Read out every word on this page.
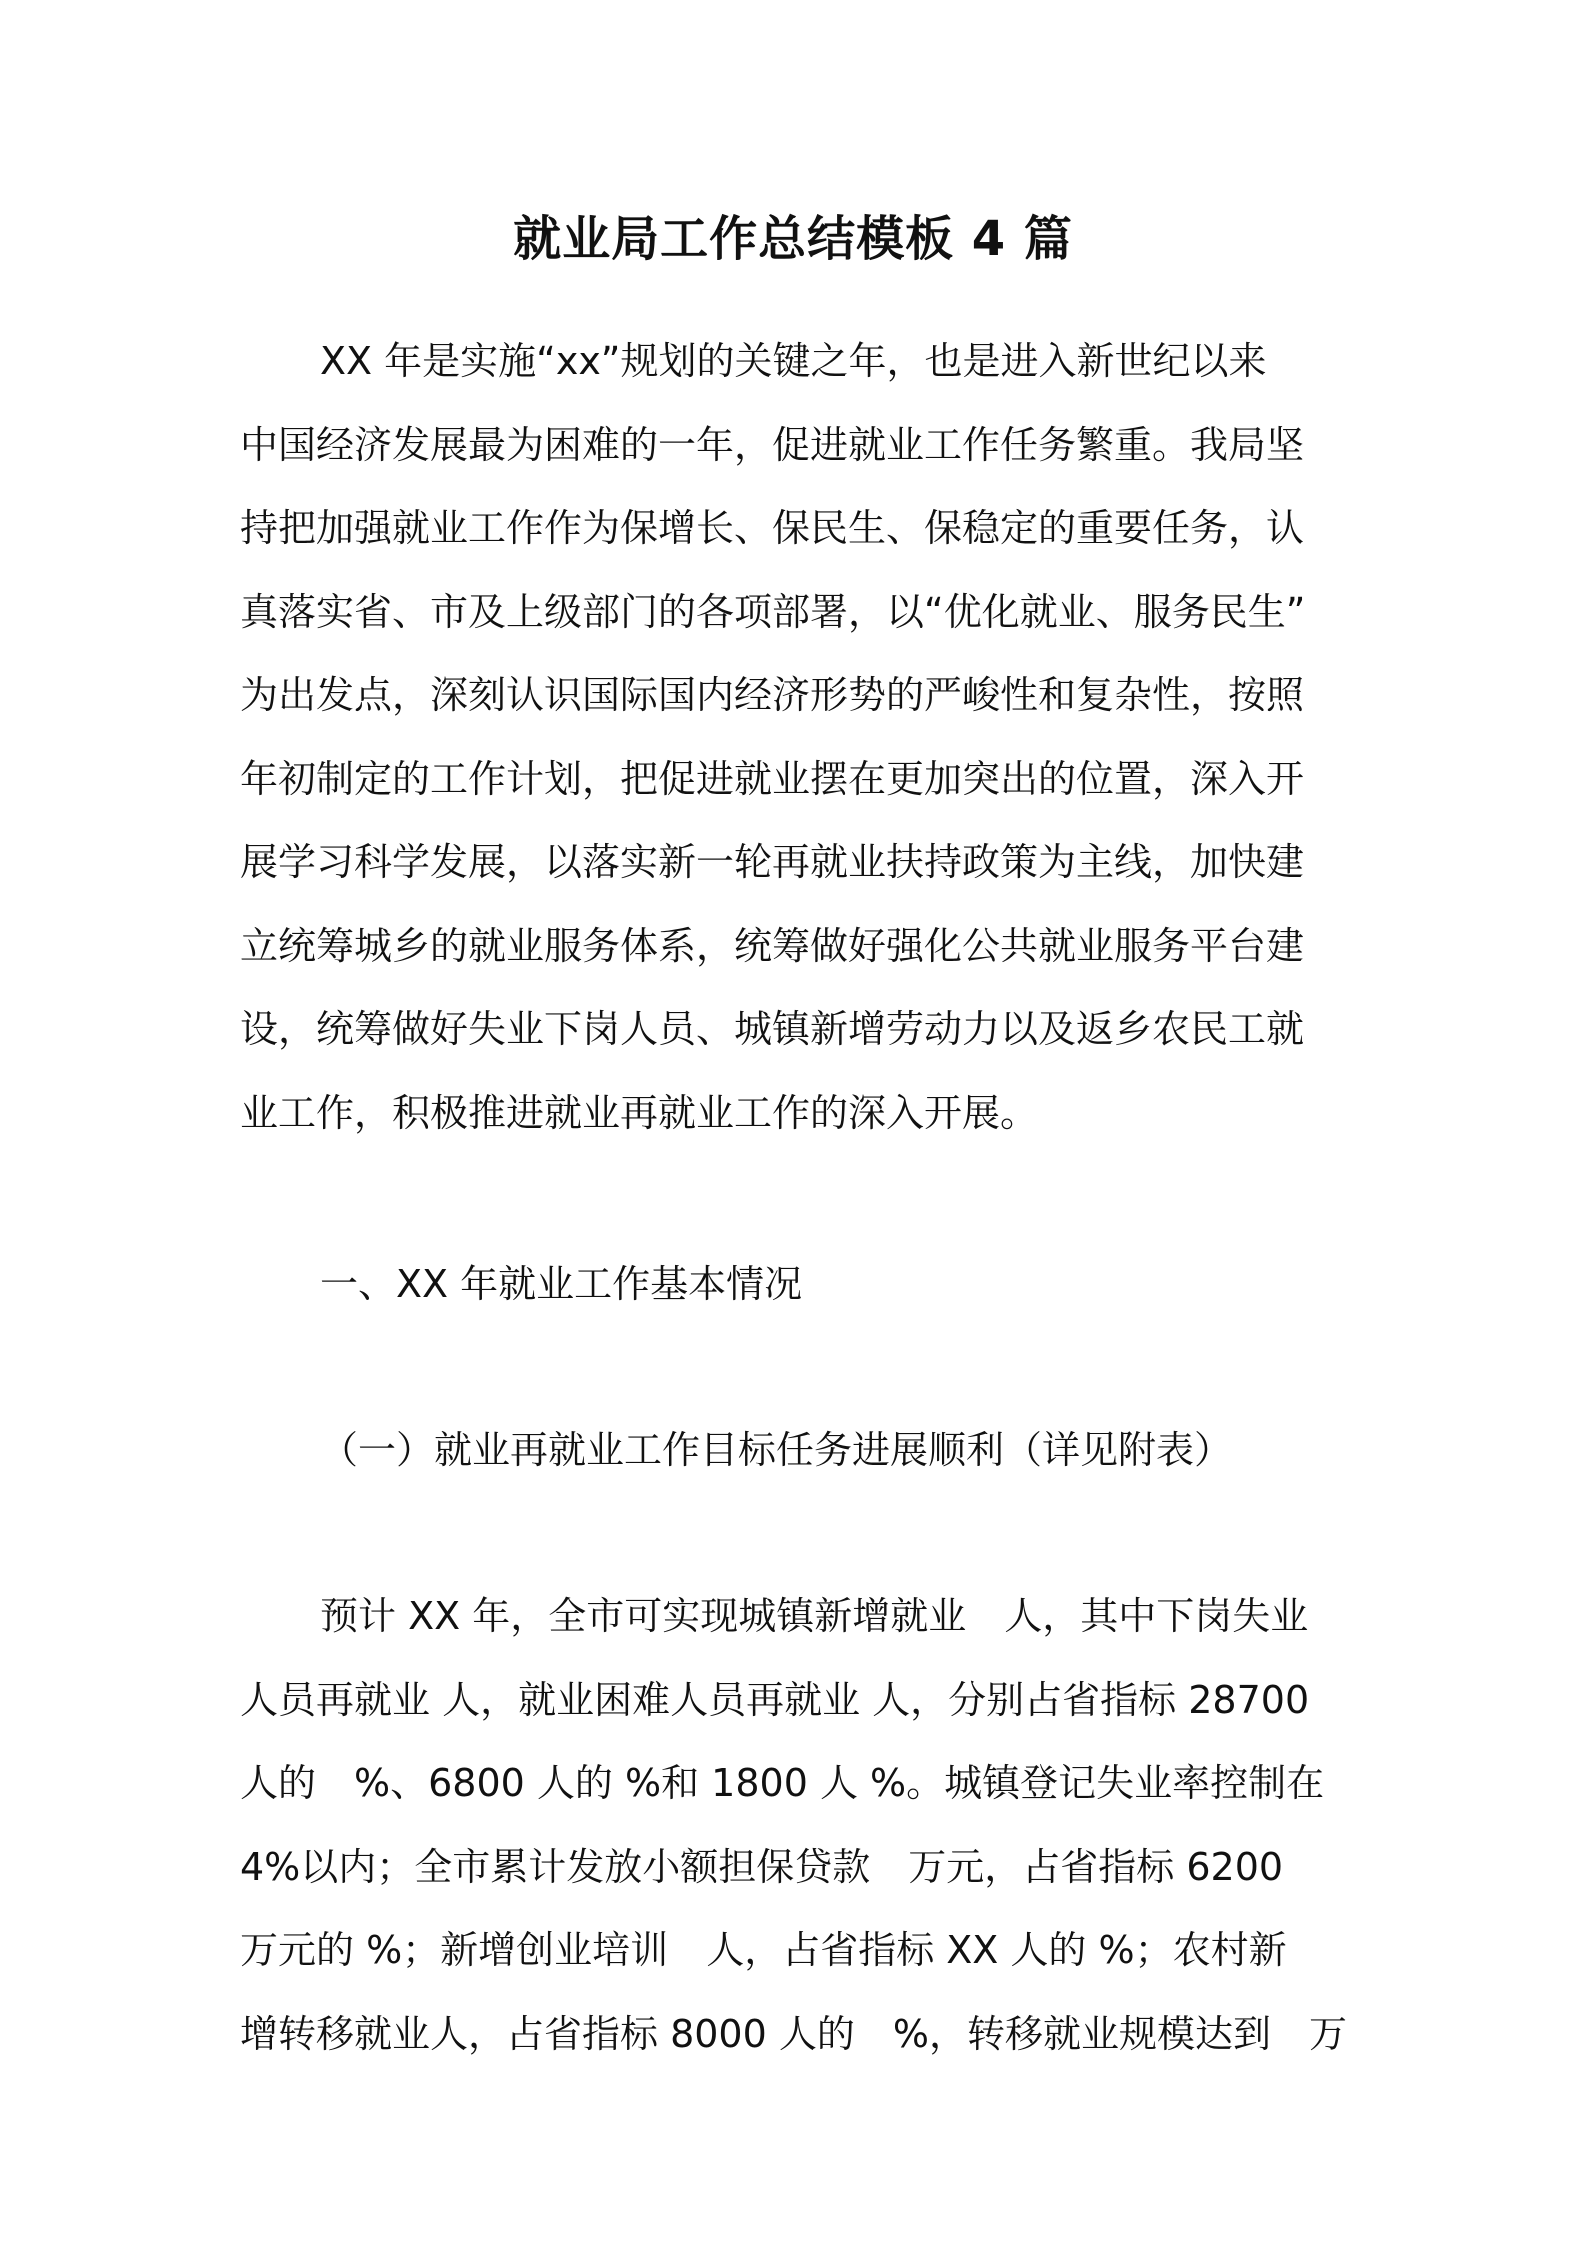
就业局工作总结模板 4 篇
XX 年是实施“xx”规划的关键之年，也是进入新世纪以来
中国经济发展最为困难的一年，促进就业工作任务繁重。我局坚
持把加强就业工作作为保增长、保民生、保稳定的重要任务，认
真落实省、市及上级部门的各项部署，以“优化就业、服务民生”
为出发点，深刻认识国际国内经济形势的严峻性和复杂性，按照
年初制定的工作计划，把促进就业摆在更加突出的位置，深入开
展学习科学发展，以落实新一轮再就业扶持政策为主线，加快建
立统筹城乡的就业服务体系，统筹做好强化公共就业服务平台建
设，统筹做好失业下岗人员、城镇新增劳动力以及返乡农民工就
业工作，积极推进就业再就业工作的深入开展。
一、XX 年就业工作基本情况
（一）就业再就业工作目标任务进展顺利（详见附表）
预计 XX 年，全市可实现城镇新增就业　人，其中下岗失业
人员再就业 人，就业困难人员再就业 人，分别占省指标 28700
人的　%、6800 人的 %和 1800 人 %。城镇登记失业率控制在
4%以内；全市累计发放小额担保贷款　万元，占省指标 6200
万元的 %；新增创业培训　人，占省指标 XX 人的 %；农村新
增转移就业人，占省指标 8000 人的　%，转移就业规模达到　万
